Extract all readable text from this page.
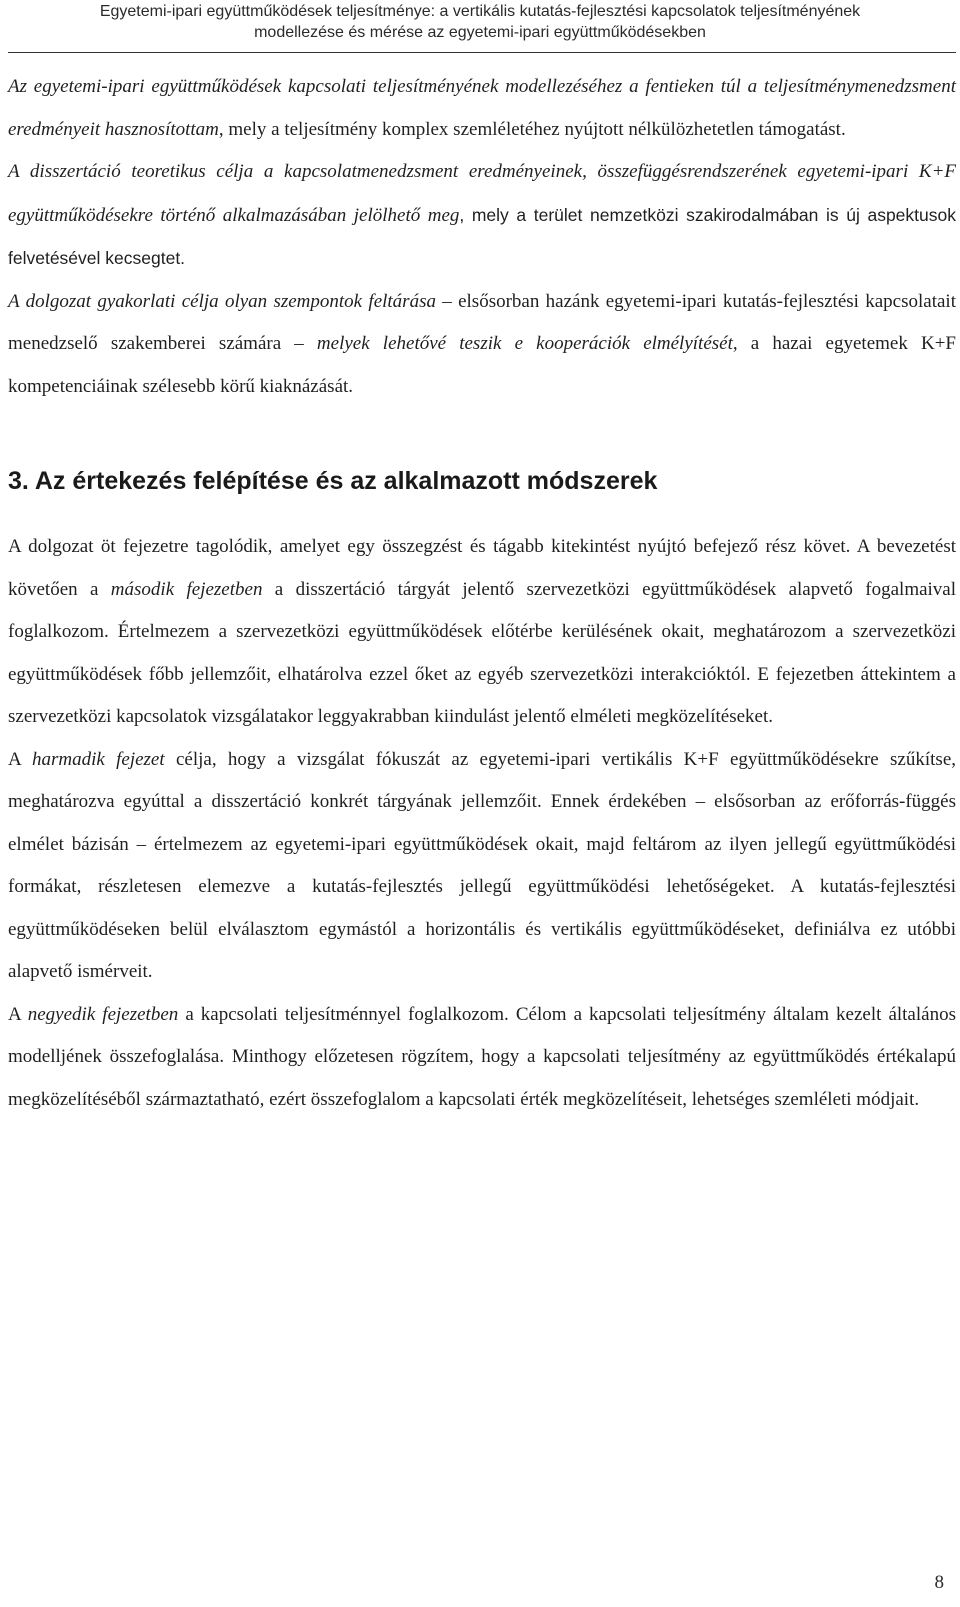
Egyetemi-ipari együttműködések teljesítménye: a vertikális kutatás-fejlesztési kapcsolatok teljesítményének
modellezése és mérése az egyetemi-ipari együttműködésekben

Az egyetemi-ipari együttműködések kapcsolati teljesítményének modellezéséhez a fentieken túl a teljesítménymenedzsment eredményeit hasznosítottam, mely a teljesítmény komplex szemléletéhez nyújtott nélkülözhetetlen támogatást.

A disszertáció teoretikus célja a kapcsolatmenedzsment eredményeinek, összefüggésrendszerének egyetemi-ipari K+F együttműködésekre történő alkalmazásában jelölhető meg, mely a terület nemzetközi szakirodalmában is új aspektusok felvetésével kecsegtet.

A dolgozat gyakorlati célja olyan szempontok feltárása – elsősorban hazánk egyetemi-ipari kutatás-fejlesztési kapcsolatait menedzselő szakemberei számára – melyek lehetővé teszik e kooperációk elmélyítését, a hazai egyetemek K+F kompetenciáinak szélesebb körű kiaknázását.

3. Az értekezés felépítése és az alkalmazott módszerek

A dolgozat öt fejezetre tagolódik, amelyet egy összegzést és tágabb kitekintést nyújtó befejező rész követ. A bevezetést követően a második fejezetben a disszertáció tárgyát jelentő szervezetközi együttműködések alapvető fogalmaival foglalkozom. Értelmezem a szervezetközi együttműködések előtérbe kerülésének okait, meghatározom a szervezetközi együttműködések főbb jellemzőit, elhatárolva ezzel őket az egyéb szervezetközi interakcióktól. E fejezetben áttekintem a szervezetközi kapcsolatok vizsgálatakor leggyakrabban kiindulást jelentő elméleti megközelítéseket.

A harmadik fejezet célja, hogy a vizsgálat fókuszát az egyetemi-ipari vertikális K+F együttműködésekre szűkítse, meghatározva egyúttal a disszertáció konkrét tárgyának jellemzőit. Ennek érdekében – elsősorban az erőforrás-függés elmélet bázisán – értelmezem az egyetemi-ipari együttműködések okait, majd feltárom az ilyen jellegű együttműködési formákat, részletesen elemezve a kutatás-fejlesztés jellegű együttműködési lehetőségeket. A kutatás-fejlesztési együttműködéseken belül elválasztom egymástól a horizontális és vertikális együttműködéseket, definiálva ez utóbbi alapvető ismérveit.

A negyedik fejezetben a kapcsolati teljesítménnyel foglalkozom. Célom a kapcsolati teljesítmény általam kezelt általános modelljének összefoglalása. Minthogy előzetesen rögzítem, hogy a kapcsolati teljesítmény az együttműködés értékalapú megközelítéséből származtatható, ezért összefoglalom a kapcsolati érték megközelítéseit, lehetséges szemléleti módjait.

8
